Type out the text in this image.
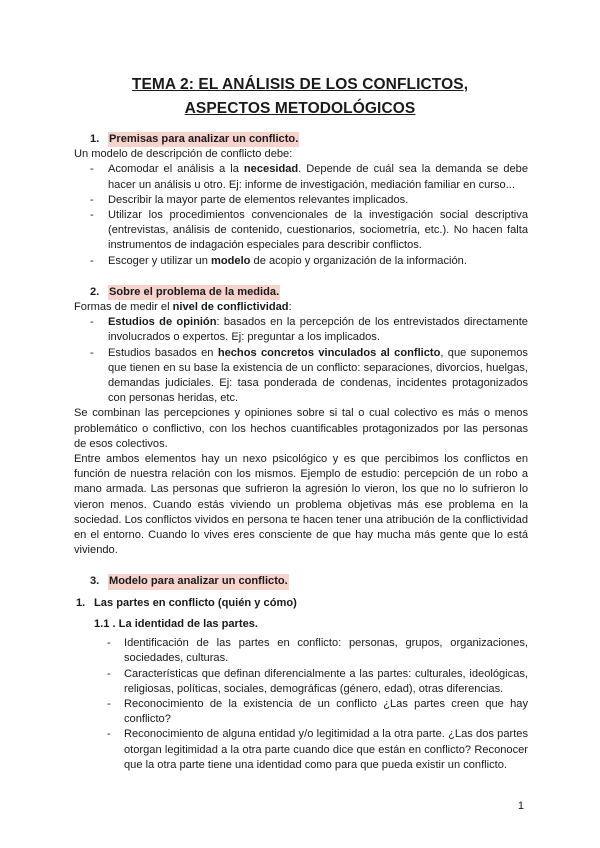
TEMA 2: EL ANÁLISIS DE LOS CONFLICTOS,
ASPECTOS METODOLÓGICOS
1. Premisas para analizar un conflicto.

Un modelo de descripción de conflicto debe:

- Acomodar el análisis a la necesidad. Depende de cuál sea la demanda se debe hacer un análisis u otro. Ej: informe de investigación, mediación familiar en curso...
- Describir la mayor parte de elementos relevantes implicados.
- Utilizar los procedimientos convencionales de la investigación social descriptiva (entrevistas, análisis de contenido, cuestionarios, sociometría, etc.). No hacen falta instrumentos de indagación especiales para describir conflictos.
- Escoger y utilizar un modelo de acopio y organización de la información.
2. Sobre el problema de la medida.

Formas de medir el nivel de conflictividad:

- Estudios de opinión: basados en la percepción de los entrevistados directamente involucrados o expertos. Ej: preguntar a los implicados.
- Estudios basados en hechos concretos vinculados al conflicto, que suponemos que tienen en su base la existencia de un conflicto: separaciones, divorcios, huelgas, demandas judiciales. Ej: tasa ponderada de condenas, incidentes protagonizados con personas heridas, etc.

Se combinan las percepciones y opiniones sobre si tal o cual colectivo es más o menos problemático o conflictivo, con los hechos cuantificables protagonizados por las personas de esos colectivos.

Entre ambos elementos hay un nexo psicológico y es que percibimos los conflictos en función de nuestra relación con los mismos. Ejemplo de estudio: percepción de un robo a mano armada. Las personas que sufrieron la agresión lo vieron, los que no lo sufrieron lo vieron menos. Cuando estás viviendo un problema objetivas más ese problema en la sociedad. Los conflictos vividos en persona te hacen tener una atribución de la conflictividad en el entorno. Cuando lo vives eres consciente de que hay mucha más gente que lo está viviendo.

3. Modelo para analizar un conflicto.
1. Las partes en conflicto (quién y cómo)
1.1 . La identidad de las partes.
- Identificación de las partes en conflicto: personas, grupos, organizaciones, sociedades, culturas.
- Características que definan diferencialmente a las partes: culturales, ideológicas, religiosas, políticas, sociales, demográficas (género, edad), otras diferencias.
- Reconocimiento de la existencia de un conflicto ¿Las partes creen que hay conflicto?
- Reconocimiento de alguna entidad y/o legitimidad a la otra parte. ¿Las dos partes otorgan legitimidad a la otra parte cuando dice que están en conflicto? Reconocer que la otra parte tiene una identidad como para que pueda existir un conflicto.
1
